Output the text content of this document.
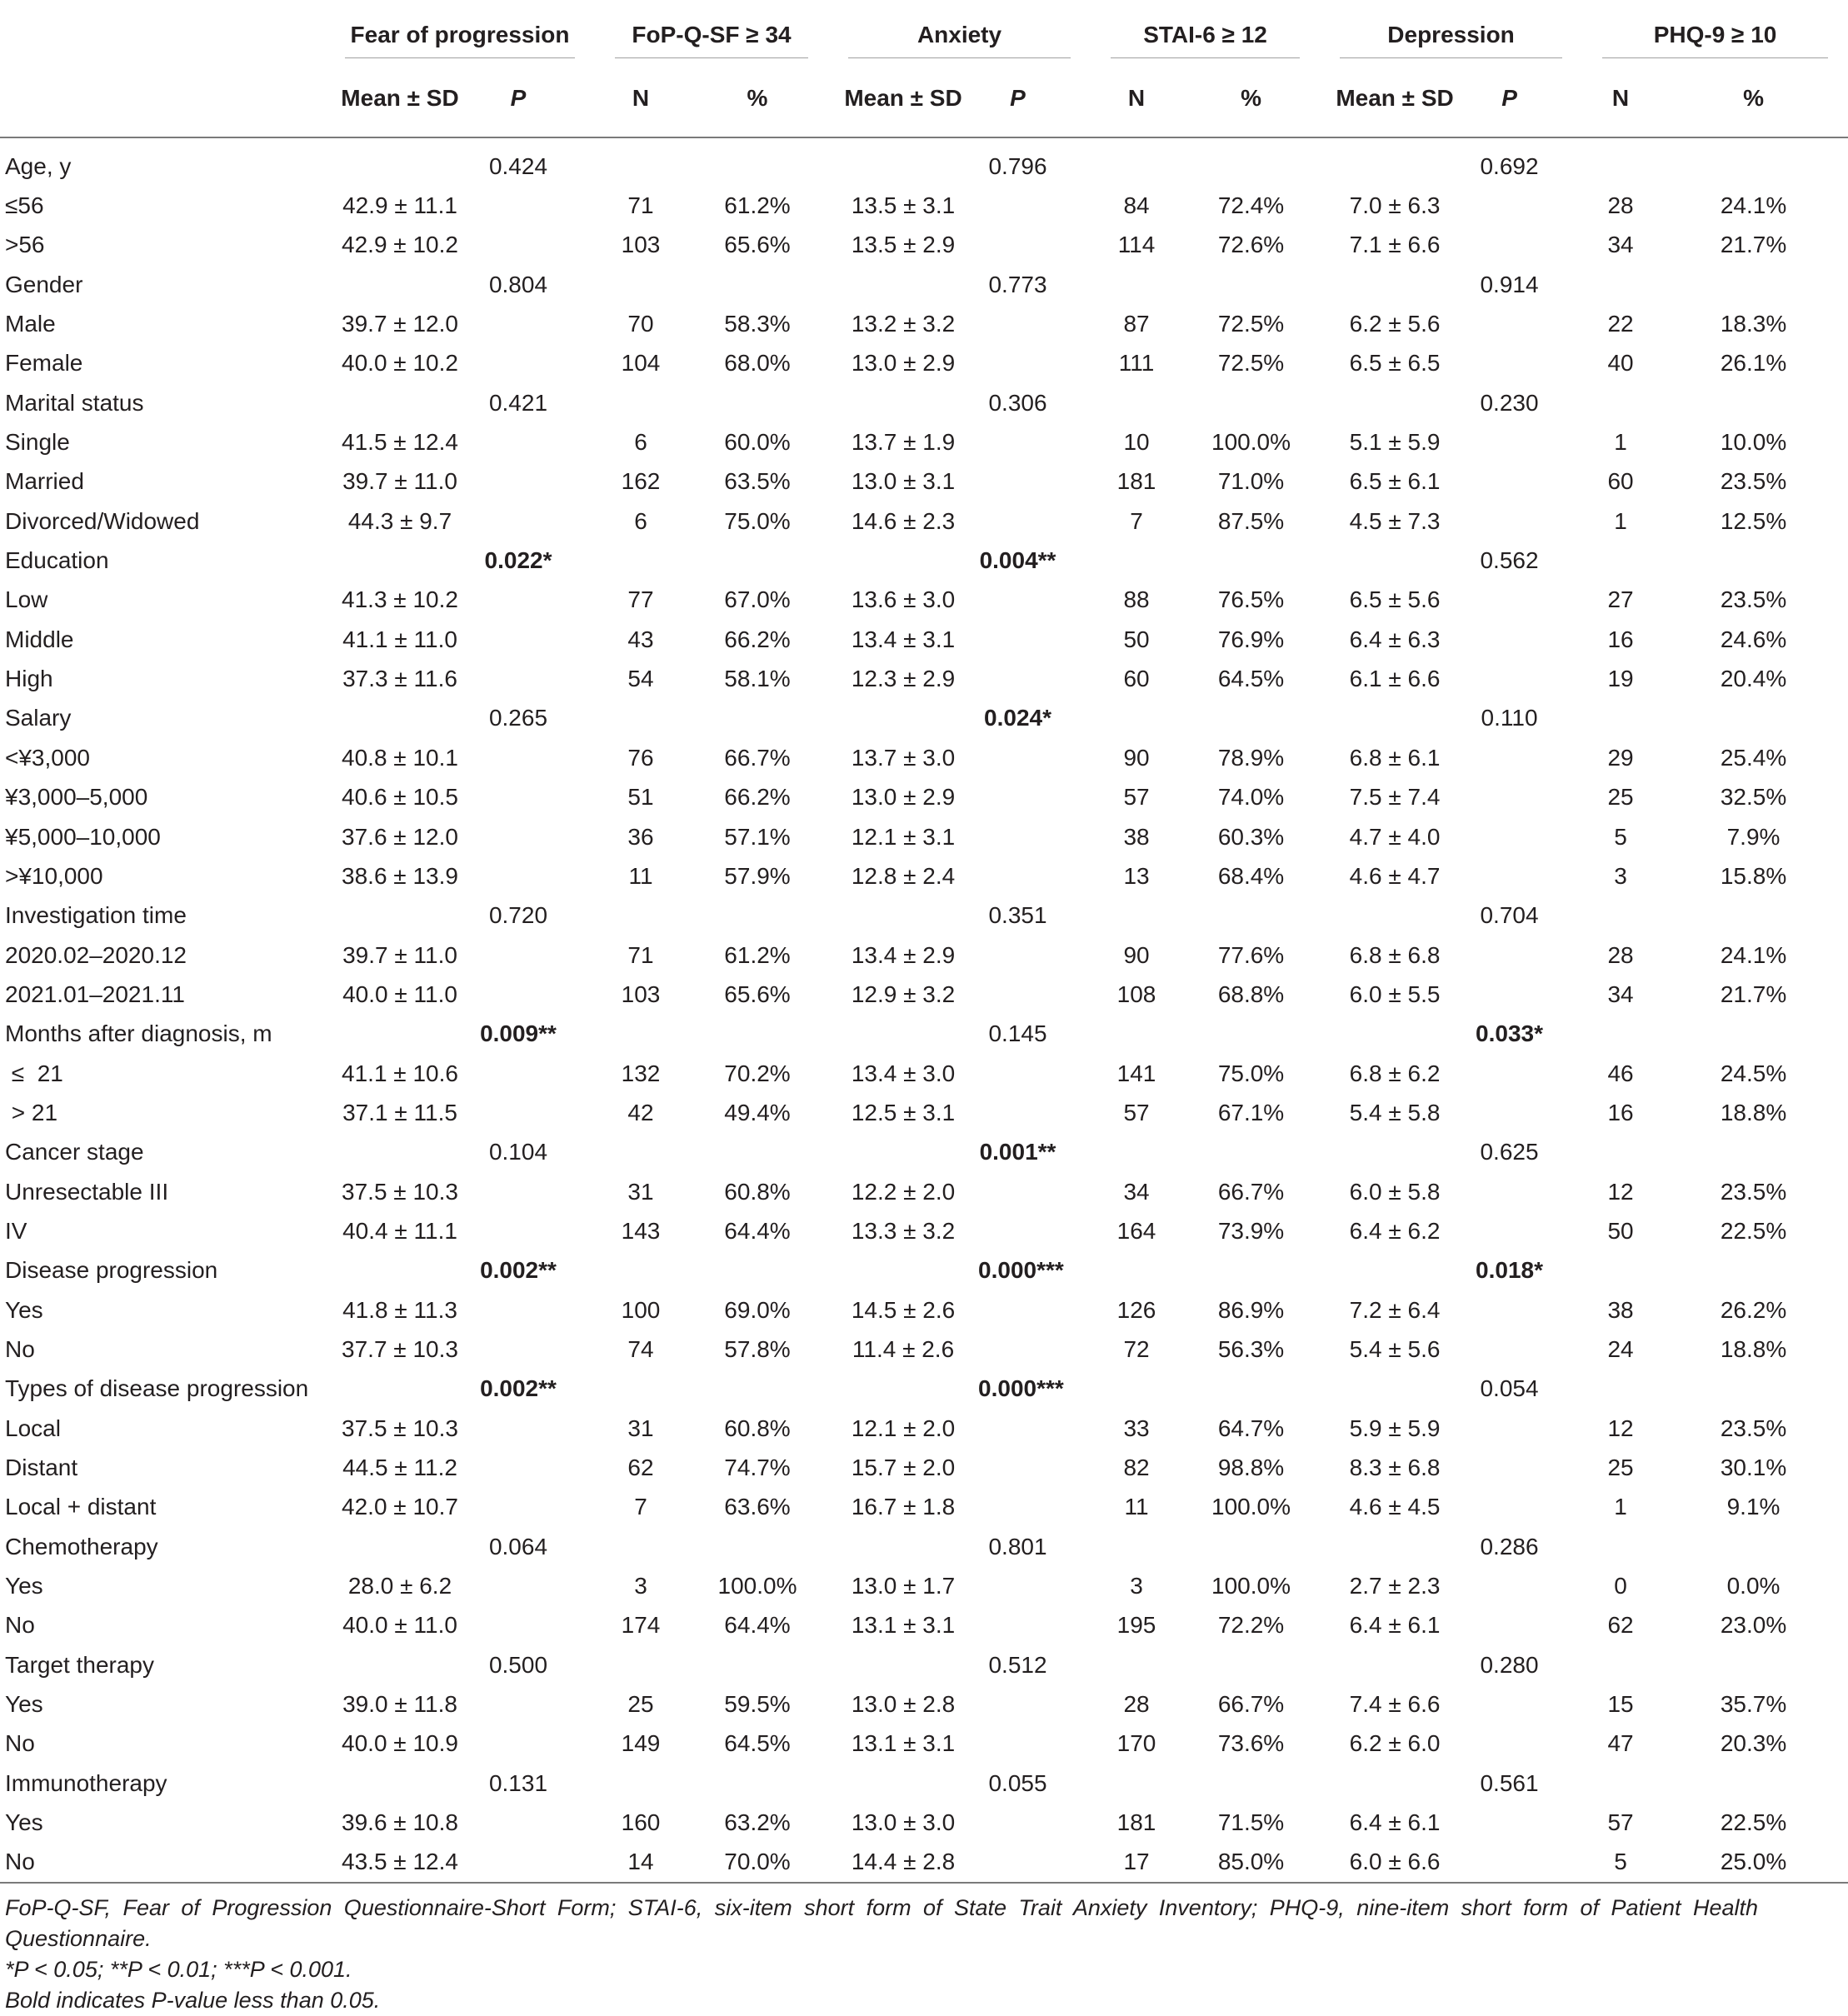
	Fear of progression		FoP-Q-SF ≥ 34		Anxiety		STAI-6 ≥ 12		Depression		PHQ-9 ≥ 10	
	Mean ± SD	P	N	%	Mean ± SD	P	N	%	Mean ± SD	P	N	%

Age, y		0.424				0.796				0.692		
≤56	42.9 ± 11.1		71	61.2%	13.5 ± 3.1		84	72.4%	7.0 ± 6.3		28	24.1%
>56	42.9 ± 10.2		103	65.6%	13.5 ± 2.9		114	72.6%	7.1 ± 6.6		34	21.7%
Gender		0.804				0.773				0.914		
Male	39.7 ± 12.0		70	58.3%	13.2 ± 3.2		87	72.5%	6.2 ± 5.6		22	18.3%
Female	40.0 ± 10.2		104	68.0%	13.0 ± 2.9		111	72.5%	6.5 ± 6.5		40	26.1%
Marital status		0.421				0.306				0.230		
Single	41.5 ± 12.4		6	60.0%	13.7 ± 1.9		10	100.0%	5.1 ± 5.9		1	10.0%
Married	39.7 ± 11.0		162	63.5%	13.0 ± 3.1		181	71.0%	6.5 ± 6.1		60	23.5%
Divorced/Widowed	44.3 ± 9.7		6	75.0%	14.6 ± 2.3		7	87.5%	4.5 ± 7.3		1	12.5%
Education		0.022*				0.004**				0.562		
Low	41.3 ± 10.2		77	67.0%	13.6 ± 3.0		88	76.5%	6.5 ± 5.6		27	23.5%
Middle	41.1 ± 11.0		43	66.2%	13.4 ± 3.1		50	76.9%	6.4 ± 6.3		16	24.6%
High	37.3 ± 11.6		54	58.1%	12.3 ± 2.9		60	64.5%	6.1 ± 6.6		19	20.4%
Salary		0.265				0.024*				0.110		
<¥3,000	40.8 ± 10.1		76	66.7%	13.7 ± 3.0		90	78.9%	6.8 ± 6.1		29	25.4%
¥3,000–5,000	40.6 ± 10.5		51	66.2%	13.0 ± 2.9		57	74.0%	7.5 ± 7.4		25	32.5%
¥5,000–10,000	37.6 ± 12.0		36	57.1%	12.1 ± 3.1		38	60.3%	4.7 ± 4.0		5	7.9%
>¥10,000	38.6 ± 13.9		11	57.9%	12.8 ± 2.4		13	68.4%	4.6 ± 4.7		3	15.8%
Investigation time		0.720				0.351				0.704		
2020.02–2020.12	39.7 ± 11.0		71	61.2%	13.4 ± 2.9		90	77.6%	6.8 ± 6.8		28	24.1%
2021.01–2021.11	40.0 ± 11.0		103	65.6%	12.9 ± 3.2		108	68.8%	6.0 ± 5.5		34	21.7%
Months after diagnosis, m		0.009**				0.145				0.033*		
≤  21	41.1 ± 10.6		132	70.2%	13.4 ± 3.0		141	75.0%	6.8 ± 6.2		46	24.5%
> 21	37.1 ± 11.5		42	49.4%	12.5 ± 3.1		57	67.1%	5.4 ± 5.8		16	18.8%
Cancer stage		0.104				0.001**				0.625		
Unresectable III	37.5 ± 10.3		31	60.8%	12.2 ± 2.0		34	66.7%	6.0 ± 5.8		12	23.5%
IV	40.4 ± 11.1		143	64.4%	13.3 ± 3.2		164	73.9%	6.4 ± 6.2		50	22.5%
Disease progression		0.002**				0.000***				0.018*		
Yes	41.8 ± 11.3		100	69.0%	14.5 ± 2.6		126	86.9%	7.2 ± 6.4		38	26.2%
No	37.7 ± 10.3		74	57.8%	11.4 ± 2.6		72	56.3%	5.4 ± 5.6		24	18.8%
Types of disease progression		0.002**				0.000***				0.054		
Local	37.5 ± 10.3		31	60.8%	12.1 ± 2.0		33	64.7%	5.9 ± 5.9		12	23.5%
Distant	44.5 ± 11.2		62	74.7%	15.7 ± 2.0		82	98.8%	8.3 ± 6.8		25	30.1%
Local + distant	42.0 ± 10.7		7	63.6%	16.7 ± 1.8		11	100.0%	4.6 ± 4.5		1	9.1%
Chemotherapy		0.064				0.801				0.286		
Yes	28.0 ± 6.2		3	100.0%	13.0 ± 1.7		3	100.0%	2.7 ± 2.3		0	0.0%
No	40.0 ± 11.0		174	64.4%	13.1 ± 3.1		195	72.2%	6.4 ± 6.1		62	23.0%
Target therapy		0.500				0.512				0.280		
Yes	39.0 ± 11.8		25	59.5%	13.0 ± 2.8		28	66.7%	7.4 ± 6.6		15	35.7%
No	40.0 ± 10.9		149	64.5%	13.1 ± 3.1		170	73.6%	6.2 ± 6.0		47	20.3%
Immunotherapy		0.131				0.055				0.561		
Yes	39.6 ± 10.8		160	63.2%	13.0 ± 3.0		181	71.5%	6.4 ± 6.1		57	22.5%
No	43.5 ± 12.4		14	70.0%	14.4 ± 2.8		17	85.0%	6.0 ± 6.6		5	25.0%

FoP-Q-SF, Fear of Progression Questionnaire-Short Form; STAI-6, six-item short form of State Trait Anxiety Inventory; PHQ-9, nine-item short form of Patient Health Questionnaire.

*P < 0.05; **P < 0.01; ***P < 0.001.

Bold indicates P-value less than 0.05.
